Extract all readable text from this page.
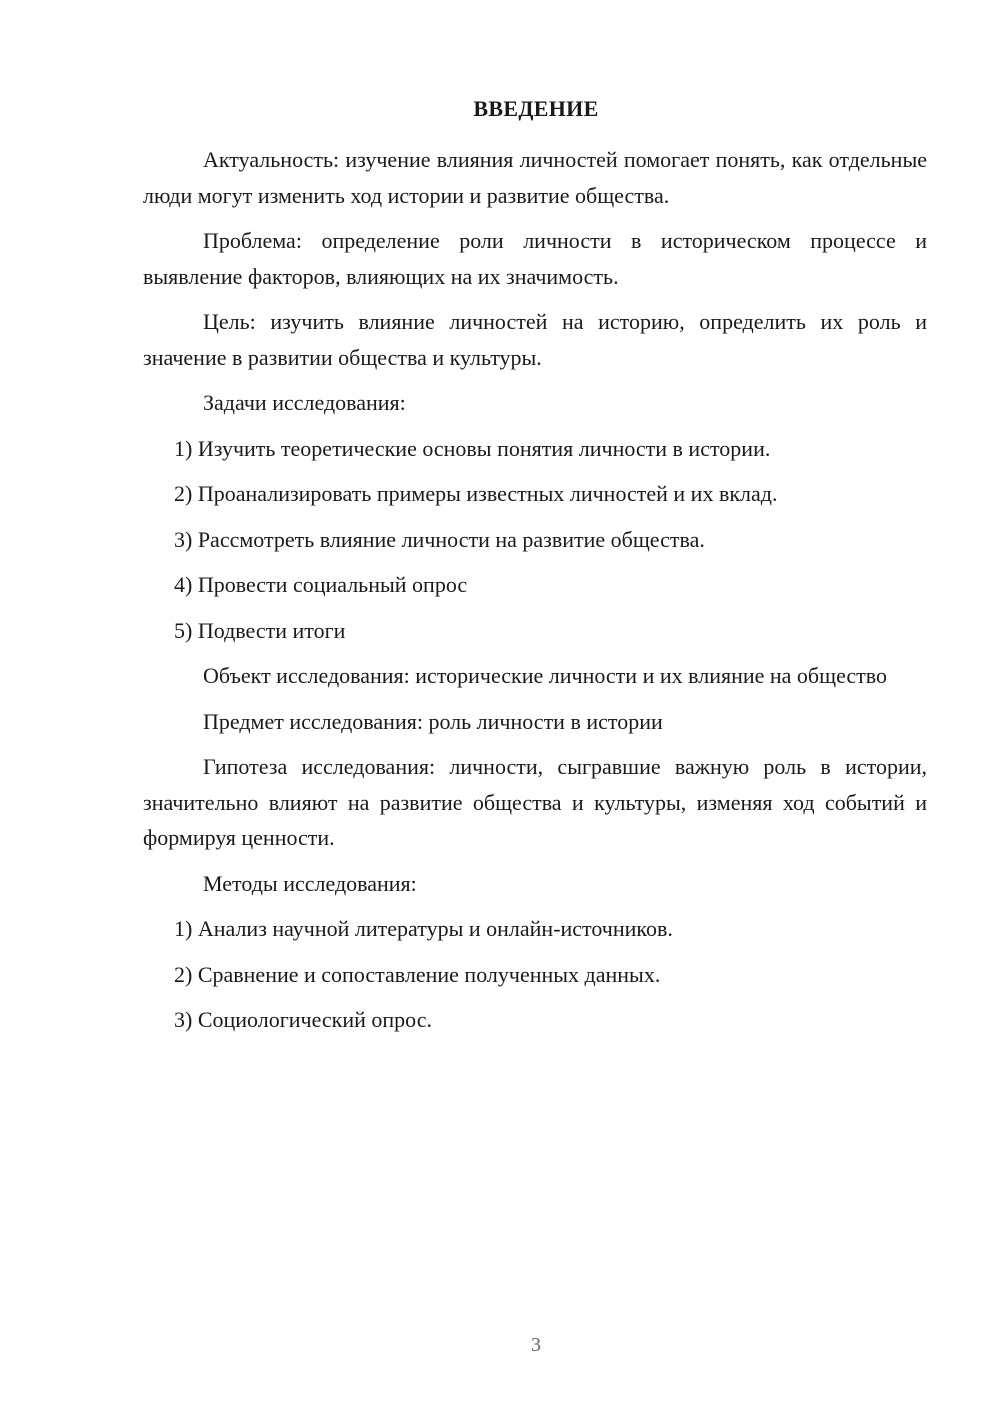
ВВЕДЕНИЕ

Актуальность: изучение влияния личностей помогает понять, как отдельные люди могут изменить ход истории и развитие общества.

Проблема: определение роли личности в историческом процессе и выявление факторов, влияющих на их значимость.

Цель: изучить влияние личностей на историю, определить их роль и значение в развитии общества и культуры.

Задачи исследования:

1) Изучить теоретические основы понятия личности в истории.

2) Проанализировать примеры известных личностей и их вклад.

3) Рассмотреть влияние личности на развитие общества.

4) Провести социальный опрос

5) Подвести итоги

Объект исследования: исторические личности и их влияние на общество

Предмет исследования: роль личности в истории

Гипотеза исследования: личности, сыгравшие важную роль в истории, значительно влияют на развитие общества и культуры, изменяя ход событий и формируя ценности.

Методы исследования:

1) Анализ научной литературы и онлайн-источников.

2) Сравнение и сопоставление полученных данных.

3) Социологический опрос.

3
